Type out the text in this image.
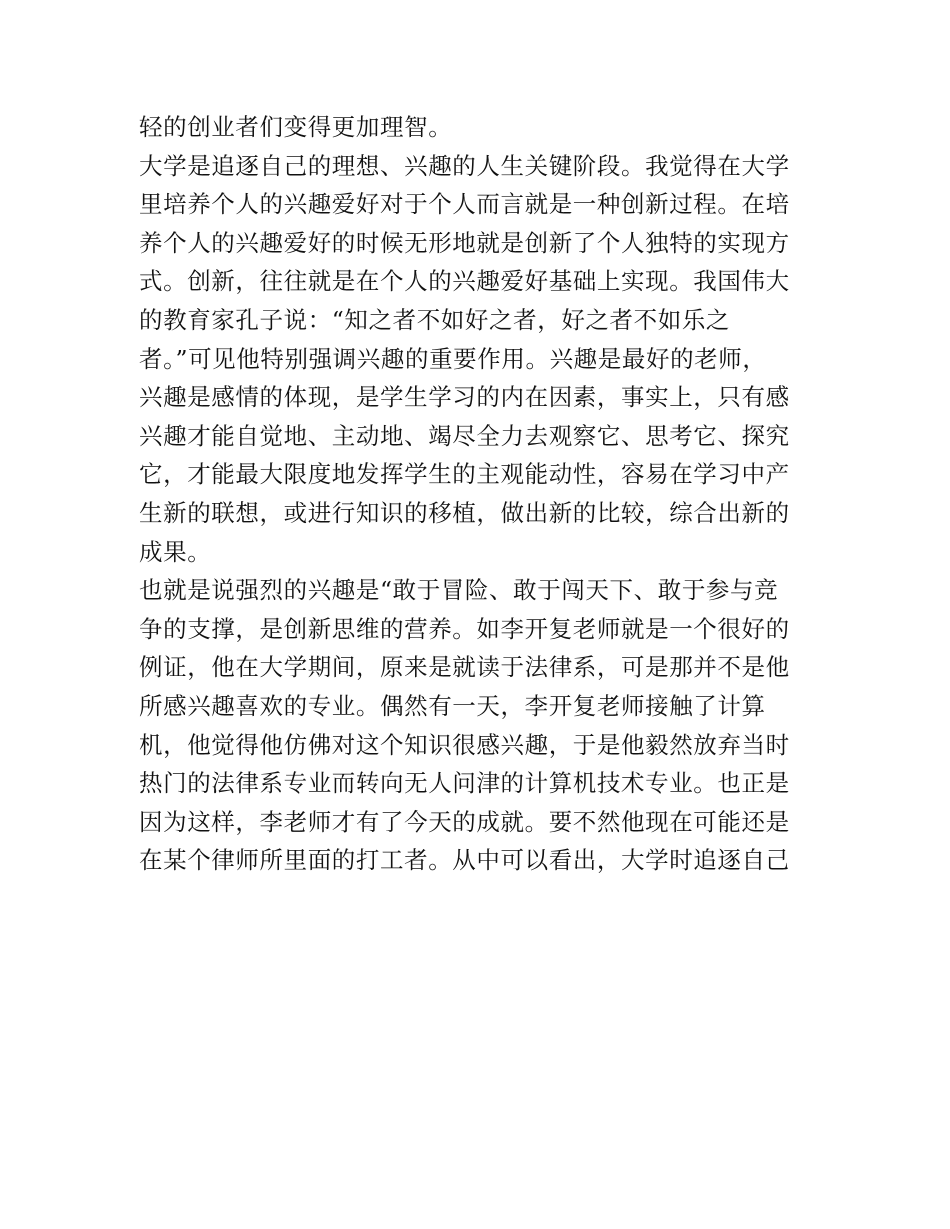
轻的创业者们变得更加理智。
大学是追逐自己的理想、兴趣的人生关键阶段。我觉得在大学
里培养个人的兴趣爱好对于个人而言就是一种创新过程。在培
养个人的兴趣爱好的时候无形地就是创新了个人独特的实现方
式。创新，往往就是在个人的兴趣爱好基础上实现。我国伟大
的教育家孔子说：“知之者不如好之者，好之者不如乐之
者。”可见他特别强调兴趣的重要作用。兴趣是最好的老师，
兴趣是感情的体现，是学生学习的内在因素，事实上，只有感
兴趣才能自觉地、主动地、竭尽全力去观察它、思考它、探究
它，才能最大限度地发挥学生的主观能动性，容易在学习中产
生新的联想，或进行知识的移植，做出新的比较，综合出新的
成果。
也就是说强烈的兴趣是“敢于冒险、敢于闯天下、敢于参与竞
争的支撑，是创新思维的营养。如李开复老师就是一个很好的
例证，他在大学期间，原来是就读于法律系，可是那并不是他
所感兴趣喜欢的专业。偶然有一天，李开复老师接触了计算
机，他觉得他仿佛对这个知识很感兴趣，于是他毅然放弃当时
热门的法律系专业而转向无人问津的计算机技术专业。也正是
因为这样，李老师才有了今天的成就。要不然他现在可能还是
在某个律师所里面的打工者。从中可以看出，大学时追逐自己
